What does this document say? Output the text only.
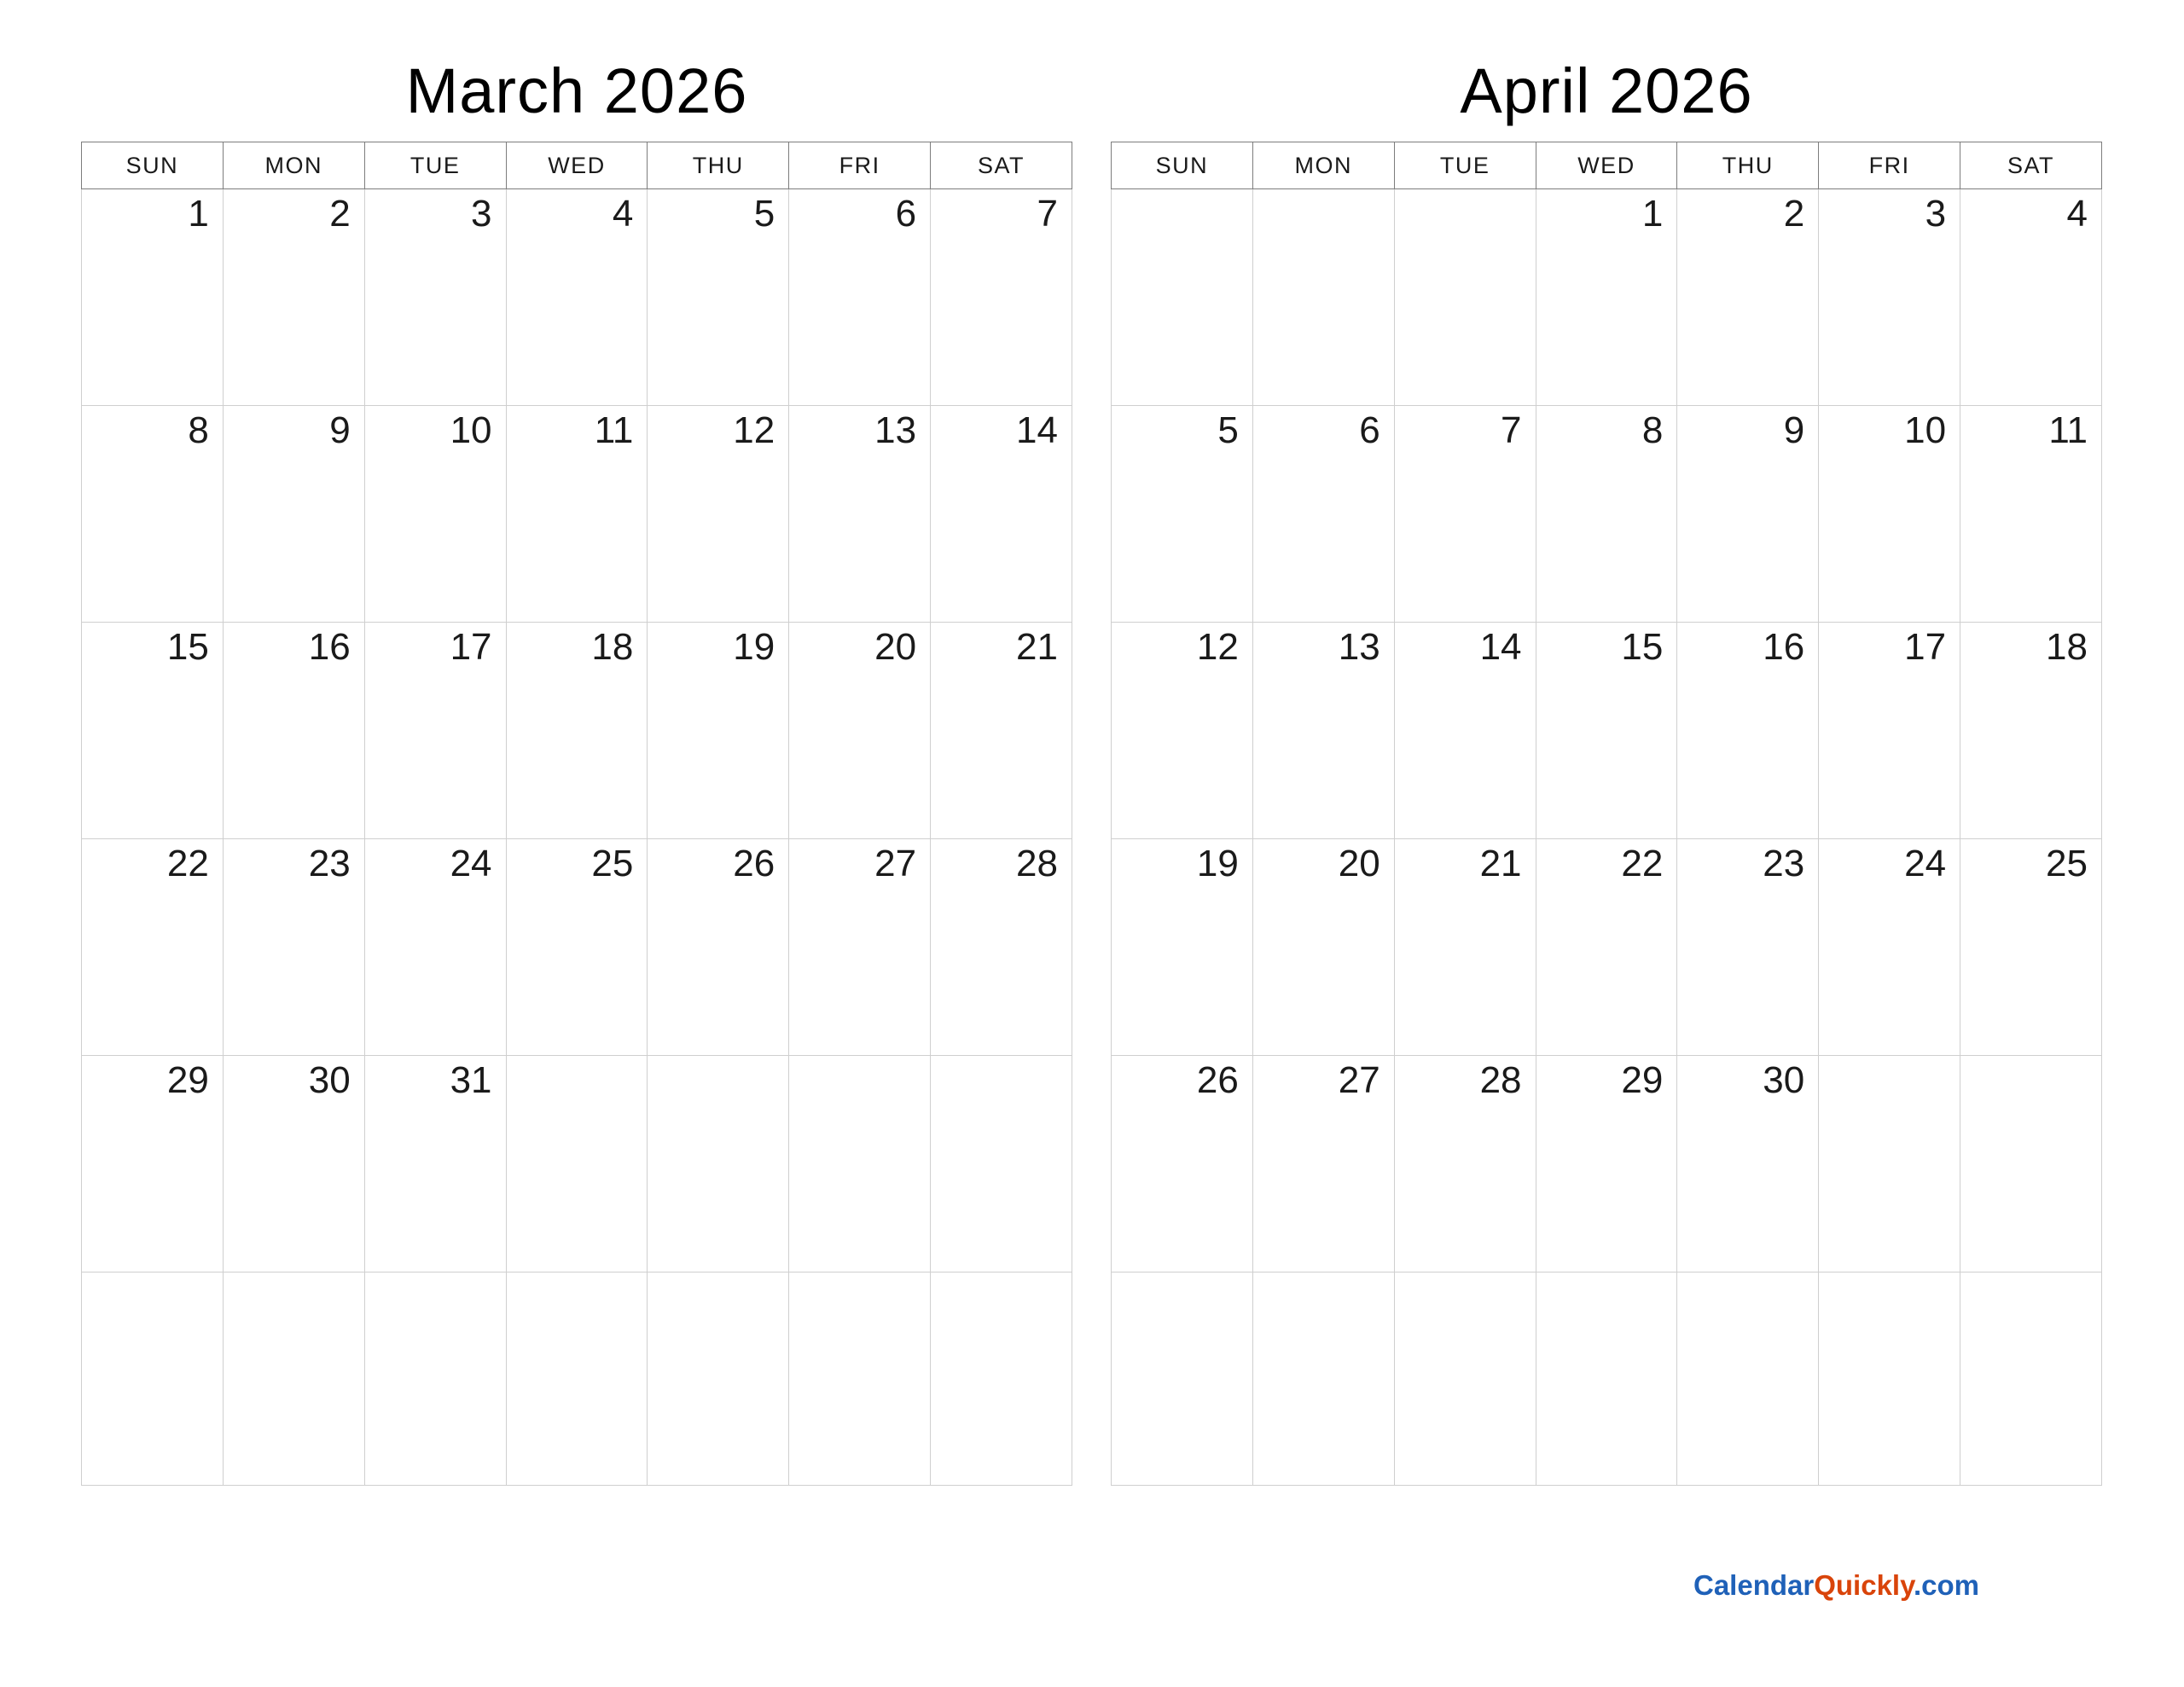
March 2026
SUN	MON	TUE	WED	THU	FRI	SAT
1	2	3	4	5	6	7
8	9	10	11	12	13	14
15	16	17	18	19	20	21
22	23	24	25	26	27	28
29	30	31				

April 2026
SUN	MON	TUE	WED	THU	FRI	SAT
			1	2	3	4
5	6	7	8	9	10	11
12	13	14	15	16	17	18
19	20	21	22	23	24	25
26	27	28	29	30		

CalendarQuickly.com
